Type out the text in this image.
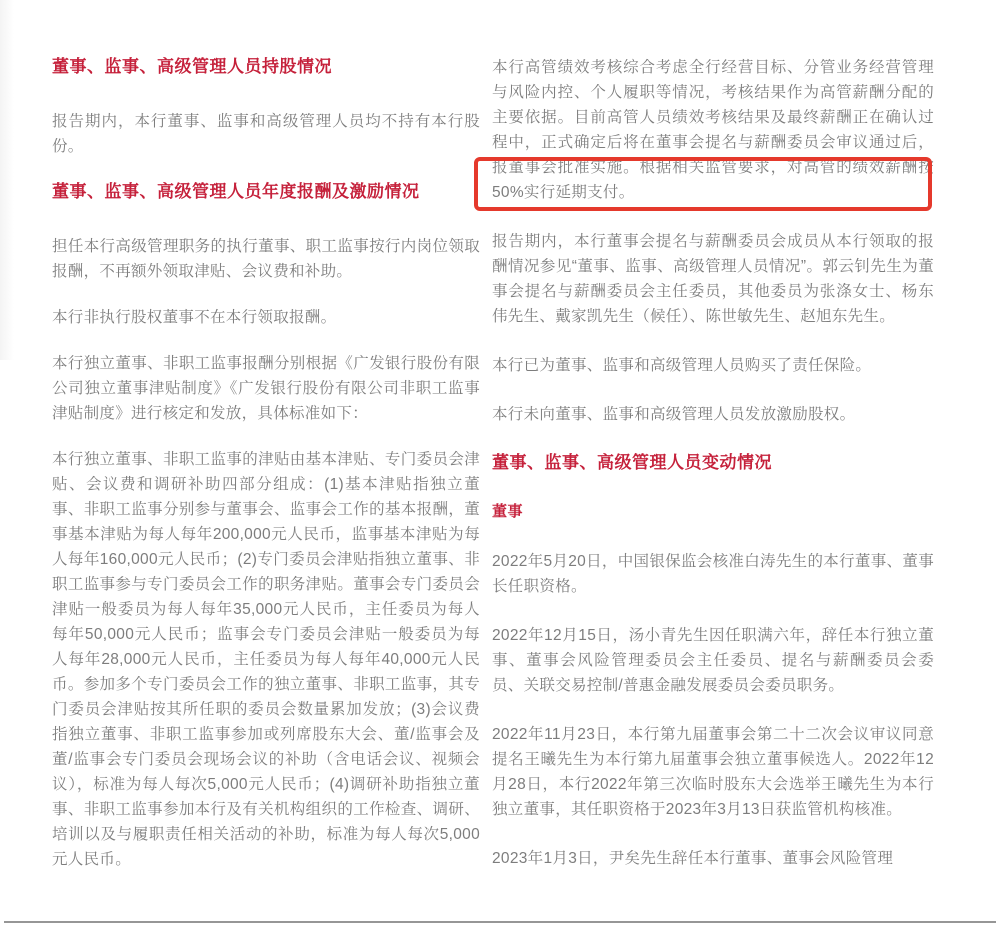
董事、监事、高级管理人员持股情况

报告期内，本行董事、监事和高级管理人员均不持有本行股份。

董事、监事、高级管理人员年度报酬及激励情况

担任本行高级管理职务的执行董事、职工监事按行内岗位领取报酬，不再额外领取津贴、会议费和补助。

本行非执行股权董事不在本行领取报酬。

本行独立董事、非职工监事报酬分别根据《广发银行股份有限公司独立董事津贴制度》《广发银行股份有限公司非职工监事津贴制度》进行核定和发放，具体标准如下：

本行独立董事、非职工监事的津贴由基本津贴、专门委员会津贴、会议费和调研补助四部分组成：(1)基本津贴指独立董事、非职工监事分别参与董事会、监事会工作的基本报酬，董事基本津贴为每人每年200,000元人民币，监事基本津贴为每人每年160,000元人民币；(2)专门委员会津贴指独立董事、非职工监事参与专门委员会工作的职务津贴。董事会专门委员会津贴一般委员为每人每年35,000元人民币，主任委员为每人每年50,000元人民币；监事会专门委员会津贴一般委员为每人每年28,000元人民币，主任委员为每人每年40,000元人民币。参加多个专门委员会工作的独立董事、非职工监事，其专门委员会津贴按其所任职的委员会数量累加发放；(3)会议费指独立董事、非职工监事参加或列席股东大会、董/监事会及董/监事会专门委员会现场会议的补助（含电话会议、视频会议），标准为每人每次5,000元人民币；(4)调研补助指独立董事、非职工监事参加本行及有关机构组织的工作检查、调研、培训以及与履职责任相关活动的补助，标准为每人每次5,000元人民币。

本行高管绩效考核综合考虑全行经营目标、分管业务经营管理与风险内控、个人履职等情况，考核结果作为高管薪酬分配的主要依据。目前高管人员绩效考核结果及最终薪酬正在确认过程中，正式确定后将在董事会提名与薪酬委员会审议通过后，报董事会批准实施。根据相关监管要求，对高管的绩效薪酬按50%实行延期支付。

报告期内，本行董事会提名与薪酬委员会成员从本行领取的报酬情况参见“董事、监事、高级管理人员情况”。郭云钊先生为董事会提名与薪酬委员会主任委员，其他委员为张涤女士、杨东伟先生、戴家凯先生（候任）、陈世敏先生、赵旭东先生。

本行已为董事、监事和高级管理人员购买了责任保险。

本行未向董事、监事和高级管理人员发放激励股权。

董事、监事、高级管理人员变动情况
董事

2022年5月20日，中国银保监会核准白涛先生的本行董事、董事长任职资格。

2022年12月15日，汤小青先生因任职满六年，辞任本行独立董事、董事会风险管理委员会主任委员、提名与薪酬委员会委员、关联交易控制/普惠金融发展委员会委员职务。

2022年11月23日，本行第九届董事会第二十二次会议审议同意提名王曦先生为本行第九届董事会独立董事候选人。2022年12月28日，本行2022年第三次临时股东大会选举王曦先生为本行独立董事，其任职资格于2023年3月13日获监管机构核准。

2023年1月3日，尹矣先生辞任本行董事、董事会风险管理
